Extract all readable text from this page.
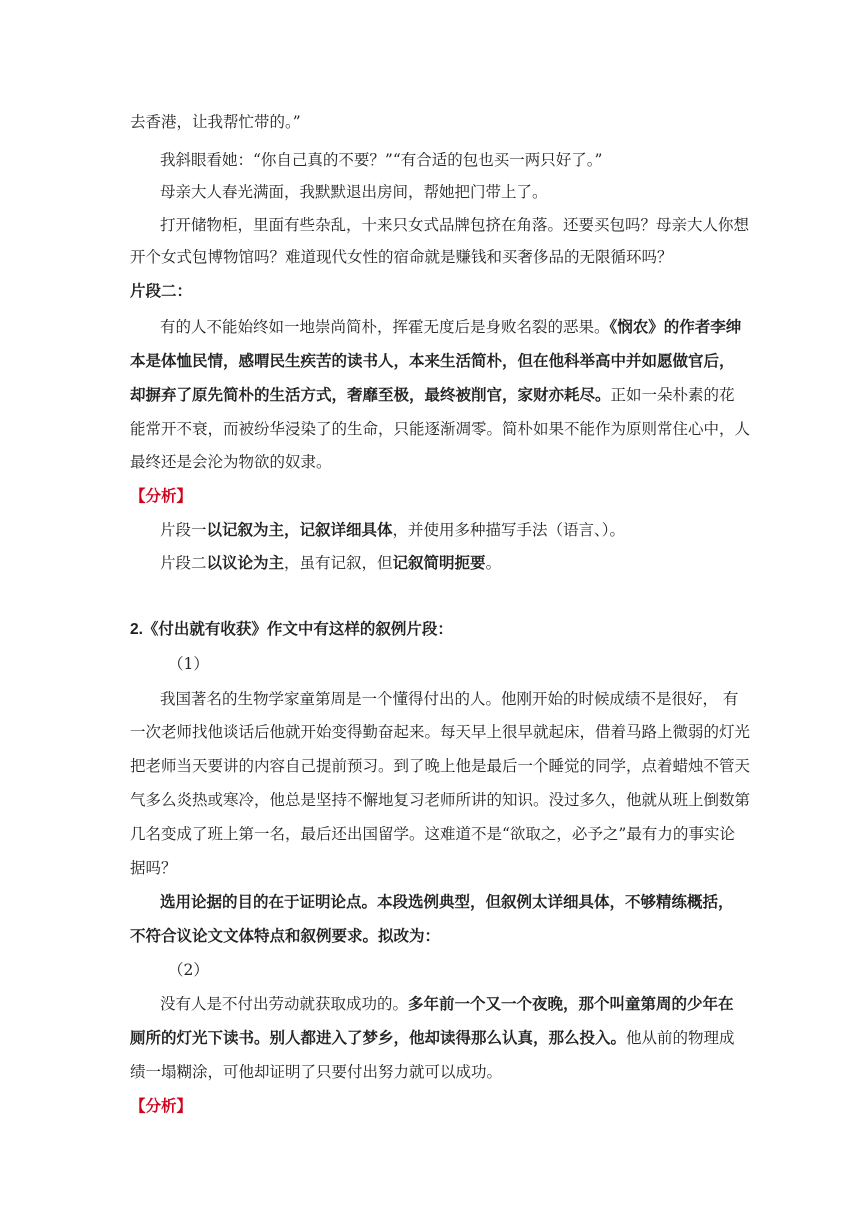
去香港，让我帮忙带的。”
我斜眼看她：“你自己真的不要？”“有合适的包也买一两只好了。”
母亲大人春光满面，我默默退出房间，帮她把门带上了。
打开储物柜，里面有些杂乱，十来只女式品牌包挤在角落。还要买包吗？母亲大人你想
开个女式包博物馆吗？难道现代女性的宿命就是赚钱和买奢侈品的无限循环吗？
片段二：
有的人不能始终如一地崇尚简朴，挥霍无度后是身败名裂的恶果。《悯农》的作者李绅
本是体恤民情，感喟民生疾苦的读书人，本来生活简朴，但在他科举高中并如愿做官后，
却摒弃了原先简朴的生活方式，奢靡至极，最终被削官，家财亦耗尽。正如一朵朴素的花
能常开不衰，而被纷华浸染了的生命，只能逐渐凋零。简朴如果不能作为原则常住心中，人
最终还是会沦为物欲的奴隶。
【分析】
片段一以记叙为主，记叙详细具体，并使用多种描写手法（语言、）。
片段二以议论为主，虽有记叙，但记叙简明扼要。
2.《付出就有收获》作文中有这样的叙例片段：
（1）
我国著名的生物学家童第周是一个懂得付出的人。他刚开始的时候成绩不是很好， 有
一次老师找他谈话后他就开始变得勤奋起来。每天早上很早就起床，借着马路上微弱的灯光
把老师当天要讲的内容自己提前预习。到了晚上他是最后一个睡觉的同学，点着蜡烛不管天
气多么炎热或寒冷，他总是坚持不懈地复习老师所讲的知识。没过多久，他就从班上倒数第
几名变成了班上第一名，最后还出国留学。这难道不是“欲取之，必予之”最有力的事实论
据吗？
选用论据的目的在于证明论点。本段选例典型，但叙例太详细具体，不够精练概括，
不符合议论文文体特点和叙例要求。拟改为：
（2）
没有人是不付出劳动就获取成功的。多年前一个又一个夜晚，那个叫童第周的少年在
厕所的灯光下读书。别人都进入了梦乡，他却读得那么认真，那么投入。他从前的物理成
绩一塌糊涂，可他却证明了只要付出努力就可以成功。
【分析】
